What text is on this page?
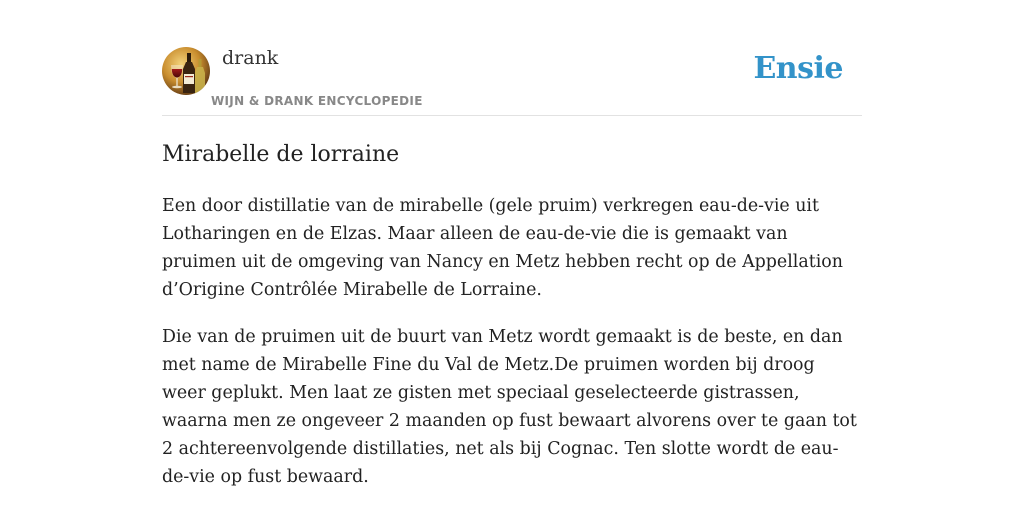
drank
WIJN & DRANK ENCYCLOPEDIE
Ensie
Mirabelle de lorraine

Een door distillatie van de mirabelle (gele pruim) verkregen eau-de-vie uit Lotharingen en de Elzas. Maar alleen de eau-de-vie die is gemaakt van pruimen uit de omgeving van Nancy en Metz hebben recht op de Appellation d’Origine Contrôlée Mirabelle de Lorraine.

Die van de pruimen uit de buurt van Metz wordt gemaakt is de beste, en dan met name de Mirabelle Fine du Val de Metz.De pruimen worden bij droog weer geplukt. Men laat ze gisten met speciaal geselecteerde gistrassen, waarna men ze ongeveer 2 maanden op fust bewaart alvorens over te gaan tot 2 achtereenvolgende distillaties, net als bij Cognac. Ten slotte wordt de eau-de-vie op fust bewaard.
